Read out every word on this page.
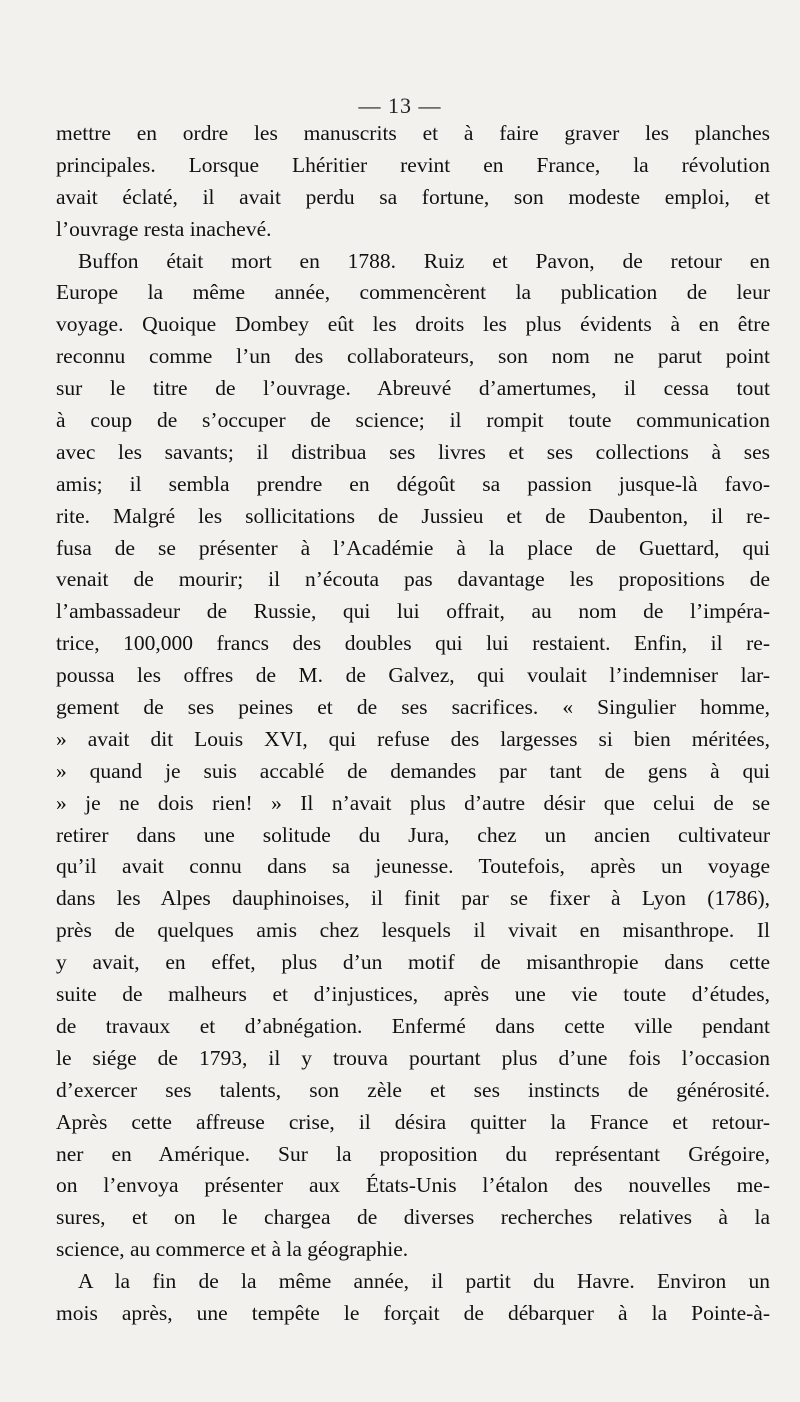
— 13 —
mettre en ordre les manuscrits et à faire graver les planches
principales. Lorsque Lhéritier revint en France, la révolution
avait éclaté, il avait perdu sa fortune, son modeste emploi, et
l’ouvrage resta inachevé.
Buffon était mort en 1788. Ruiz et Pavon, de retour en
Europe la même année, commencèrent la publication de leur
voyage. Quoique Dombey eût les droits les plus évidents à en être
reconnu comme l’un des collaborateurs, son nom ne parut point
sur le titre de l’ouvrage. Abreuvé d’amertumes, il cessa tout
à coup de s’occuper de science; il rompit toute communication
avec les savants; il distribua ses livres et ses collections à ses
amis; il sembla prendre en dégoût sa passion jusque-là favo-
rite. Malgré les sollicitations de Jussieu et de Daubenton, il re-
fusa de se présenter à l’Académie à la place de Guettard, qui
venait de mourir; il n’écouta pas davantage les propositions de
l’ambassadeur de Russie, qui lui offrait, au nom de l’impéra-
trice, 100,000 francs des doubles qui lui restaient. Enfin, il re-
poussa les offres de M. de Galvez, qui voulait l’indemniser lar-
gement de ses peines et de ses sacrifices. « Singulier homme,
» avait dit Louis XVI, qui refuse des largesses si bien méritées,
» quand je suis accablé de demandes par tant de gens à qui
» je ne dois rien! » Il n’avait plus d’autre désir que celui de se
retirer dans une solitude du Jura, chez un ancien cultivateur
qu’il avait connu dans sa jeunesse. Toutefois, après un voyage
dans les Alpes dauphinoises, il finit par se fixer à Lyon (1786),
près de quelques amis chez lesquels il vivait en misanthrope. Il
y avait, en effet, plus d’un motif de misanthropie dans cette
suite de malheurs et d’injustices, après une vie toute d’études,
de travaux et d’abnégation. Enfermé dans cette ville pendant
le siége de 1793, il y trouva pourtant plus d’une fois l’occasion
d’exercer ses talents, son zèle et ses instincts de générosité.
Après cette affreuse crise, il désira quitter la France et retour-
ner en Amérique. Sur la proposition du représentant Grégoire,
on l’envoya présenter aux États-Unis l’étalon des nouvelles me-
sures, et on le chargea de diverses recherches relatives à la
science, au commerce et à la géographie.
A la fin de la même année, il partit du Havre. Environ un
mois après, une tempête le forçait de débarquer à la Pointe-à-
